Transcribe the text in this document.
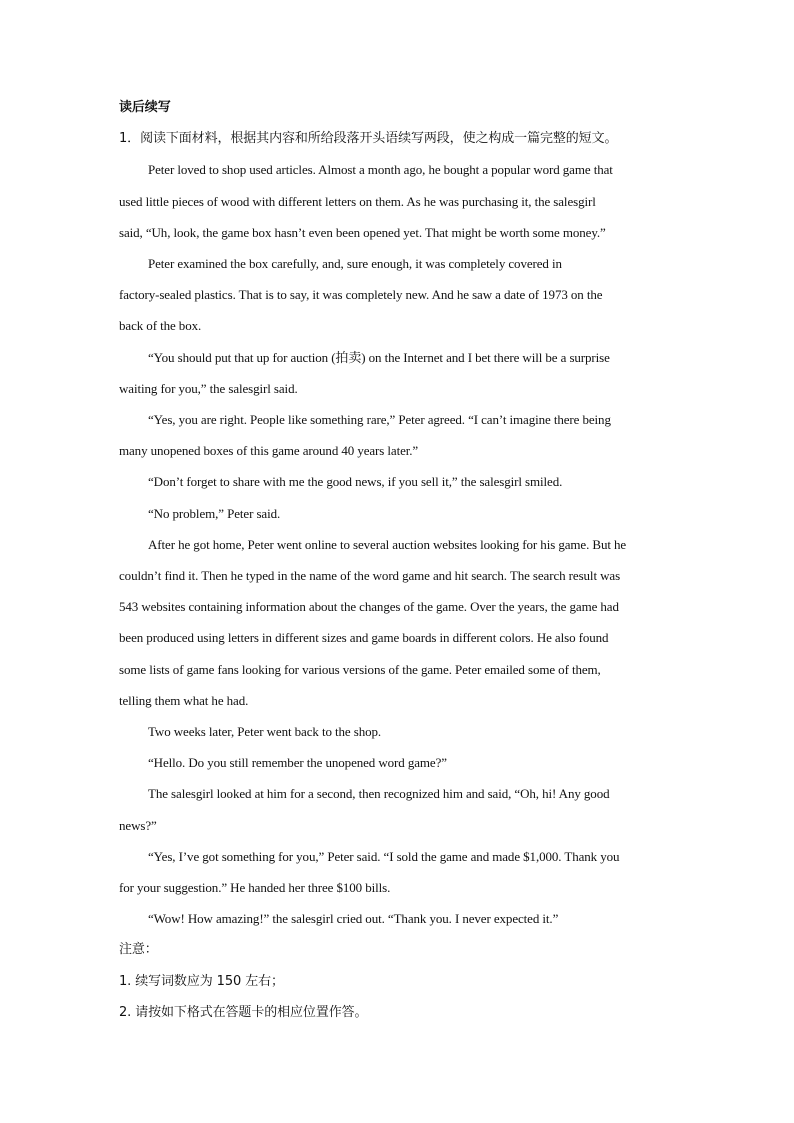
读后续写
1．阅读下面材料，根据其内容和所给段落开头语续写两段，使之构成一篇完整的短文。
Peter loved to shop used articles. Almost a month ago, he bought a popular word game that
used little pieces of wood with different letters on them. As he was purchasing it, the salesgirl
said, “Uh, look, the game box hasn’t even been opened yet. That might be worth some money.”
Peter examined the box carefully, and, sure enough, it was completely covered in
factory-sealed plastics. That is to say, it was completely new. And he saw a date of 1973 on the
back of the box.
“You should put that up for auction (拍卖) on the Internet and I bet there will be a surprise
waiting for you,” the salesgirl said.
“Yes, you are right. People like something rare,” Peter agreed. “I can’t imagine there being
many unopened boxes of this game around 40 years later.”
“Don’t forget to share with me the good news, if you sell it,” the salesgirl smiled.
“No problem,” Peter said.
After he got home, Peter went online to several auction websites looking for his game. But he
couldn’t find it. Then he typed in the name of the word game and hit search. The search result was
543 websites containing information about the changes of the game. Over the years, the game had
been produced using letters in different sizes and game boards in different colors. He also found
some lists of game fans looking for various versions of the game. Peter emailed some of them,
telling them what he had.
Two weeks later, Peter went back to the shop.
“Hello. Do you still remember the unopened word game?”
The salesgirl looked at him for a second, then recognized him and said, “Oh, hi! Any good
news?”
“Yes, I’ve got something for you,” Peter said. “I sold the game and made $1,000. Thank you
for your suggestion.” He handed her three $100 bills.
“Wow! How amazing!” the salesgirl cried out. “Thank you. I never expected it.”
注意：
1. 续写词数应为 150 左右；
2. 请按如下格式在答题卡的相应位置作答。
